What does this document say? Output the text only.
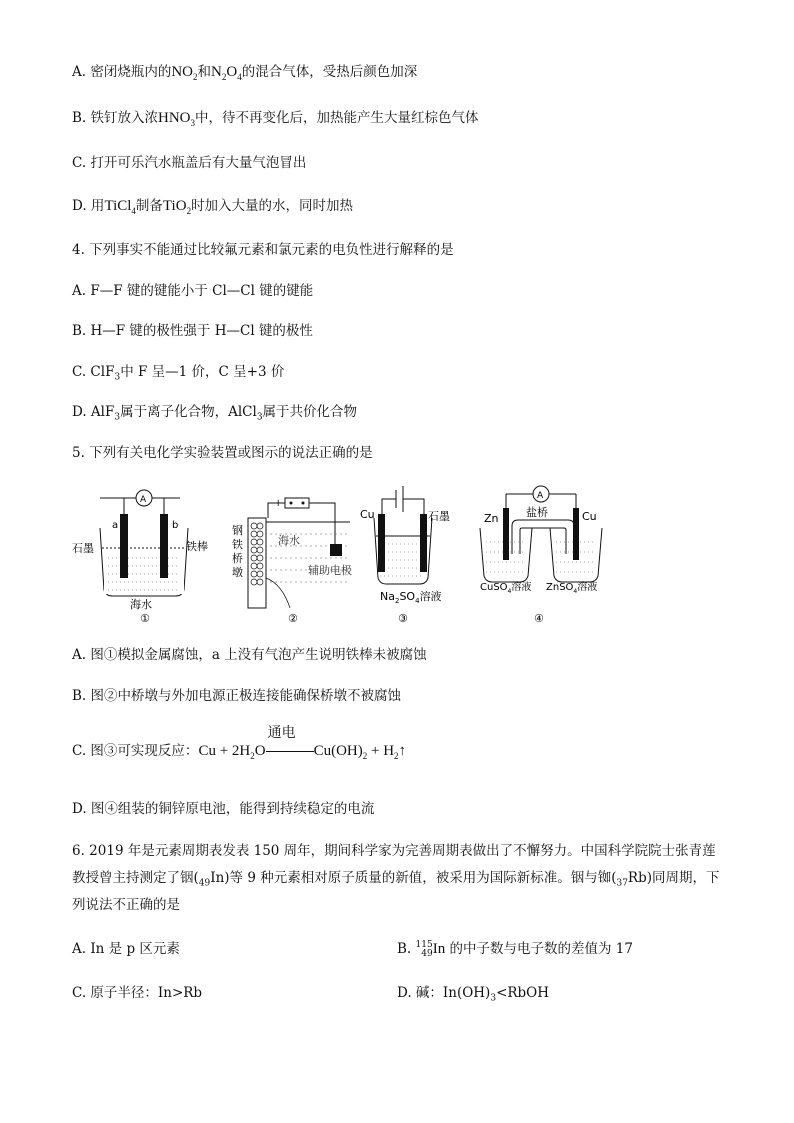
A. 密闭烧瓶内的$NO_2$和$N_2O_4$的混合气体，受热后颜色加深
B. 铁钉放入浓$HNO_3$中，待不再变化后，加热能产生大量红棕色气体
C. 打开可乐汽水瓶盖后有大量气泡冒出
D. 用TiCl$_4$制备TiO$_2$时加入大量的水，同时加热
4. 下列事实不能通过比较氟元素和氯元素的电负性进行解释的是
A. F—F 键的键能小于 Cl—Cl 键的键能
B. H—F 键的极性强于 H—Cl 键的极性
C. ClF$_3$中 F 呈—1 价，C 呈+3 价
D. AlF$_3$属于离子化合物，AlCl$_3$属于共价化合物
5. 下列有关电化学实验装置或图示的说法正确的是
A
a	b
石墨	铁棒
海水
①
+	−
钢
铁
桥
墩
海水
辅助电极
②
Cu	石墨
$Na_2SO_4$溶液
③
A
盐桥
Zn	Cu
CuSO$_4$溶液 ZnSO$_4$溶液
④
A. 图①模拟金属腐蚀，a 上没有气泡产生说明铁棒未被腐蚀
B. 图②中桥墩与外加电源正极连接能确保桥墩不被腐蚀
C. 图③可实现反应：$Cu + 2H_2O$
通电
$Cu(OH)_2$ + $H_2↑$
D. 图④组装的铜锌原电池，能得到持续稳定的电流
6. 2019 年是元素周期表发表 150 周年，期间科学家为完善周期表做出了不懈努力。中国科学院院士张青莲
教授曾主持测定了铟$(_{49}In)$等 9 种元素相对原子质量的新值，被采用为国际新标准。铟与铷$(_{37}Rb)$同周期，下
列说法不正确的是
A. In 是 p 区元素	B. 115
49In 的中子数与电子数的差值为 17
C. 原子半径：In>Rb	D. 碱：$In(OH)_3<RbOH$
